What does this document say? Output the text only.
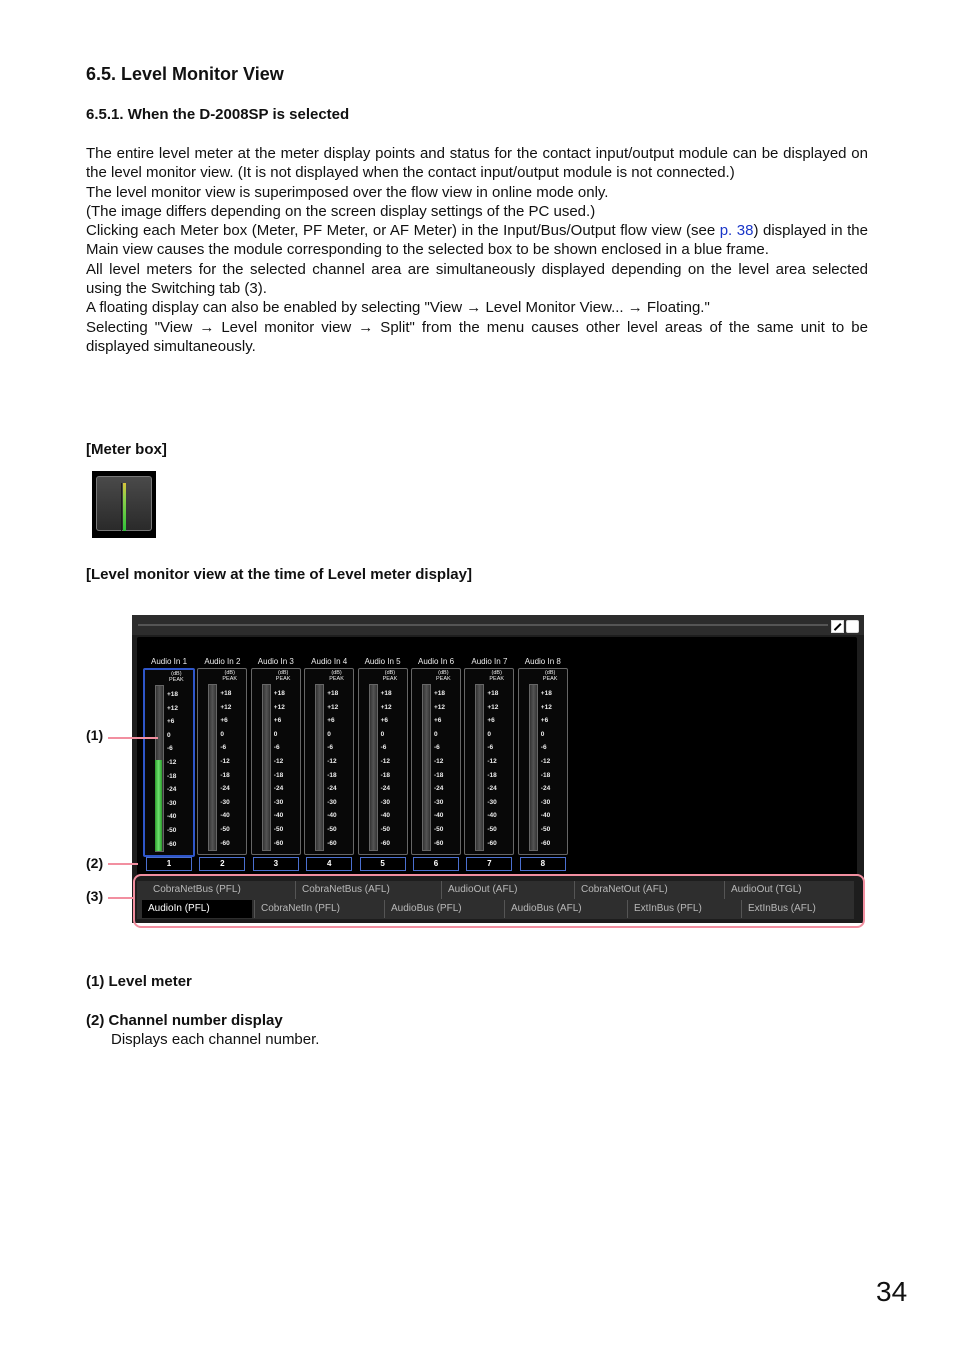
6.5. Level Monitor View
6.5.1. When the D-2008SP is selected

The entire level meter at the meter display points and status for the contact input/output module can be displayed on the level monitor view. (It is not displayed when the contact input/output module is not connected.)

The level monitor view is superimposed over the flow view in online mode only.

(The image differs depending on the screen display settings of the PC used.)

Clicking each Meter box (Meter, PF Meter, or AF Meter) in the Input/Bus/Output flow view (see p. 38) displayed in the Main view causes the module corresponding to the selected box to be shown enclosed in a blue frame.

All level meters for the selected channel area are simultaneously displayed depending on the level area selected using the Switching tab (3).

A floating display can also be enabled by selecting "View → Level Monitor View... → Floating."

Selecting "View → Level monitor view → Split" from the menu causes other level areas of the same unit to be displayed simultaneously.

[Meter box]
[Level monitor view at the time of Level meter display]
Audio In 1
(dB)
PEAK
+18
+12
+6
0
-6
-12
-18
-24
-30
-40
-50
-60
1
Audio In 2
(dB)
PEAK
+18
+12
+6
0
-6
-12
-18
-24
-30
-40
-50
-60
2
Audio In 3
(dB)
PEAK
+18
+12
+6
0
-6
-12
-18
-24
-30
-40
-50
-60
3
Audio In 4
(dB)
PEAK
+18
+12
+6
0
-6
-12
-18
-24
-30
-40
-50
-60
4
Audio In 5
(dB)
PEAK
+18
+12
+6
0
-6
-12
-18
-24
-30
-40
-50
-60
5
Audio In 6
(dB)
PEAK
+18
+12
+6
0
-6
-12
-18
-24
-30
-40
-50
-60
6
Audio In 7
(dB)
PEAK
+18
+12
+6
0
-6
-12
-18
-24
-30
-40
-50
-60
7
Audio In 8
(dB)
PEAK
+18
+12
+6
0
-6
-12
-18
-24
-30
-40
-50
-60
8
CobraNetBus (PFL)	CobraNetBus (AFL)	AudioOut (AFL)	CobraNetOut (AFL)	AudioOut (TGL)
AudioIn (PFL)	CobraNetIn (PFL)	AudioBus (PFL)	AudioBus (AFL)	ExtInBus (PFL)	ExtInBus (AFL)
(1)
(2)
(3)
(1) Level meter
(2) Channel number display
Displays each channel number.
34
